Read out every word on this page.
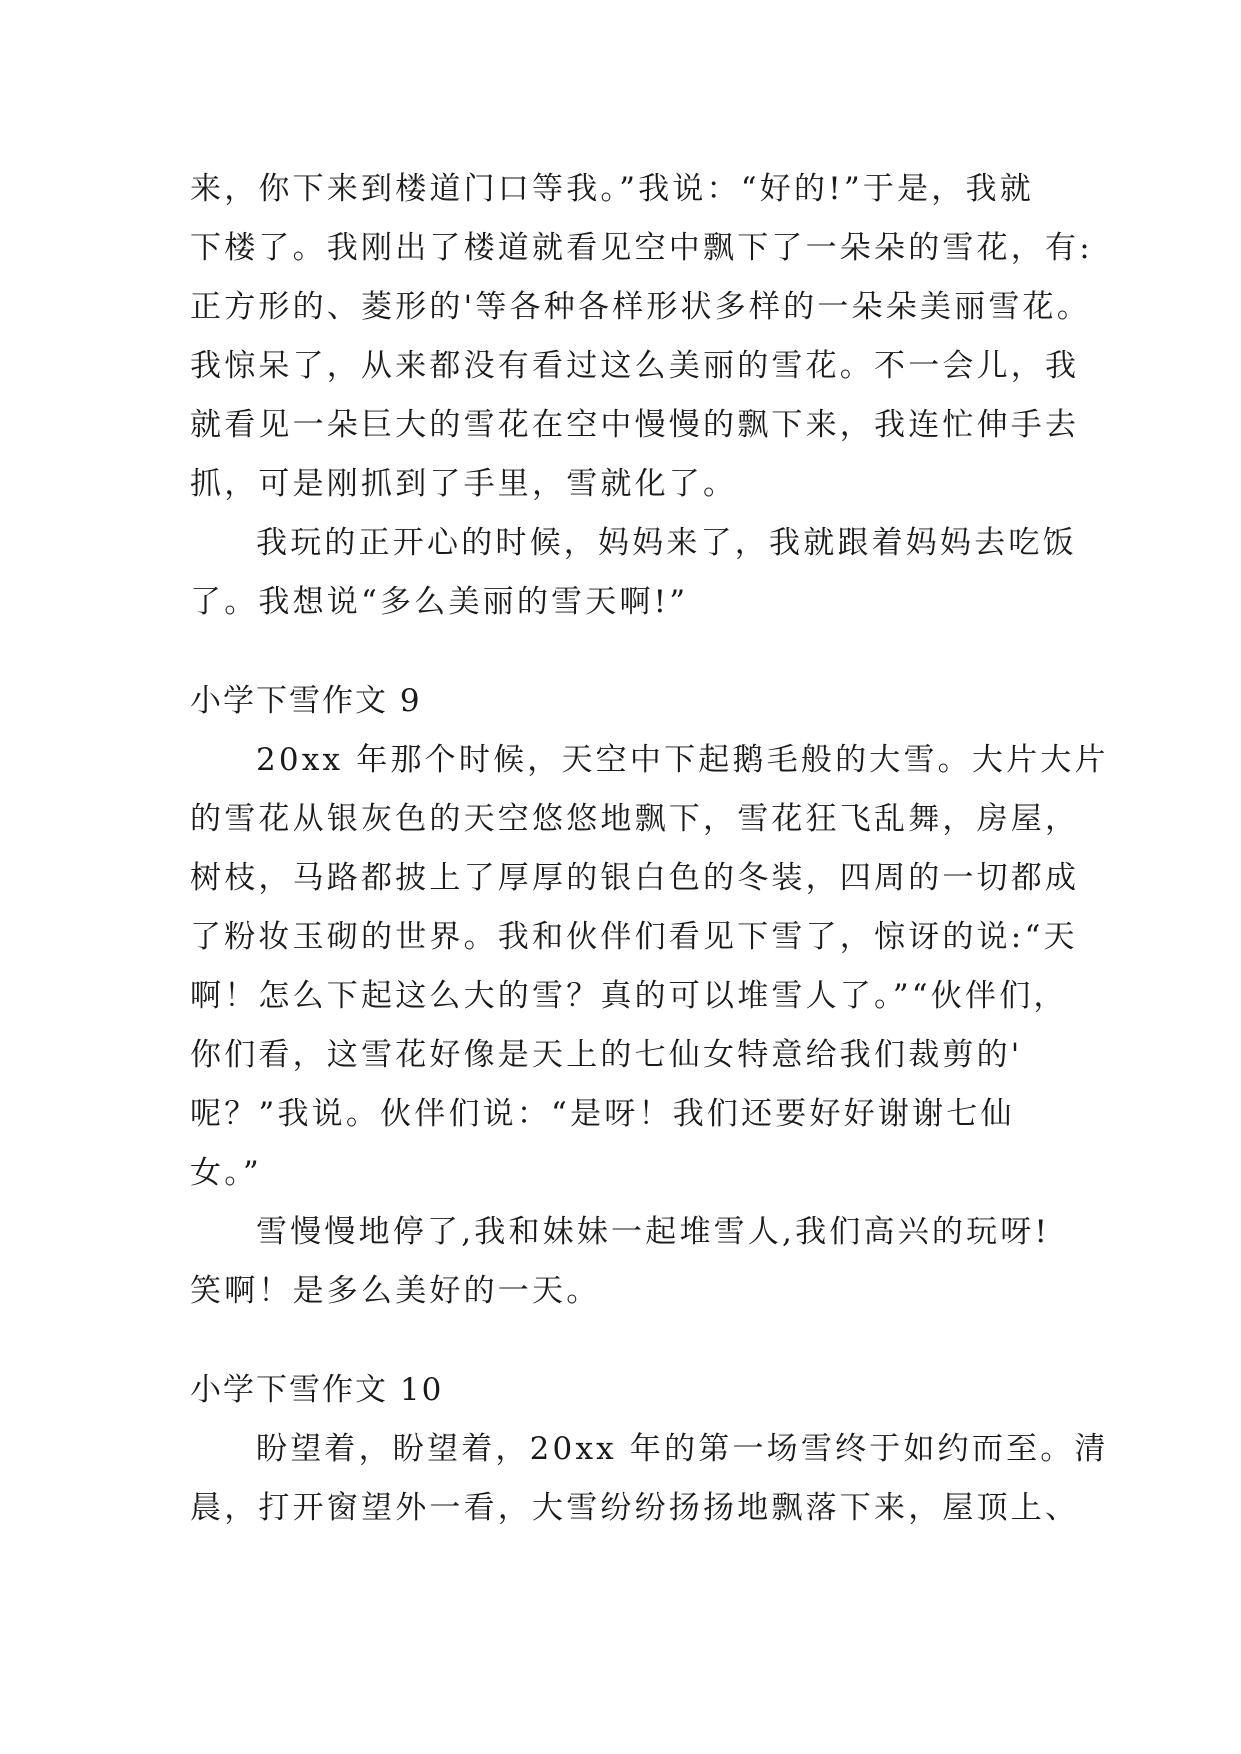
来，你下来到楼道门口等我。”我说：“好的!”于是，我就
下楼了。我刚出了楼道就看见空中飘下了一朵朵的雪花，有:
正方形的、菱形的'等各种各样形状多样的一朵朵美丽雪花。
我惊呆了，从来都没有看过这么美丽的雪花。不一会儿，我
就看见一朵巨大的雪花在空中慢慢的飘下来，我连忙伸手去
抓，可是刚抓到了手里，雪就化了。
我玩的正开心的时候，妈妈来了，我就跟着妈妈去吃饭
了。我想说“多么美丽的雪天啊!”
小学下雪作文 9
20xx 年那个时候，天空中下起鹅毛般的大雪。大片大片
的雪花从银灰色的天空悠悠地飘下，雪花狂飞乱舞，房屋，
树枝，马路都披上了厚厚的银白色的冬装，四周的一切都成
了粉妆玉砌的世界。我和伙伴们看见下雪了，惊讶的说:“天
啊！怎么下起这么大的雪？真的可以堆雪人了。”“伙伴们，
你们看，这雪花好像是天上的七仙女特意给我们裁剪的'
呢？”我说。伙伴们说：“是呀！我们还要好好谢谢七仙
女。”
雪慢慢地停了,我和妹妹一起堆雪人,我们高兴的玩呀!
笑啊！是多么美好的一天。
小学下雪作文 10
盼望着，盼望着，20xx 年的第一场雪终于如约而至。清
晨，打开窗望外一看，大雪纷纷扬扬地飘落下来，屋顶上、
